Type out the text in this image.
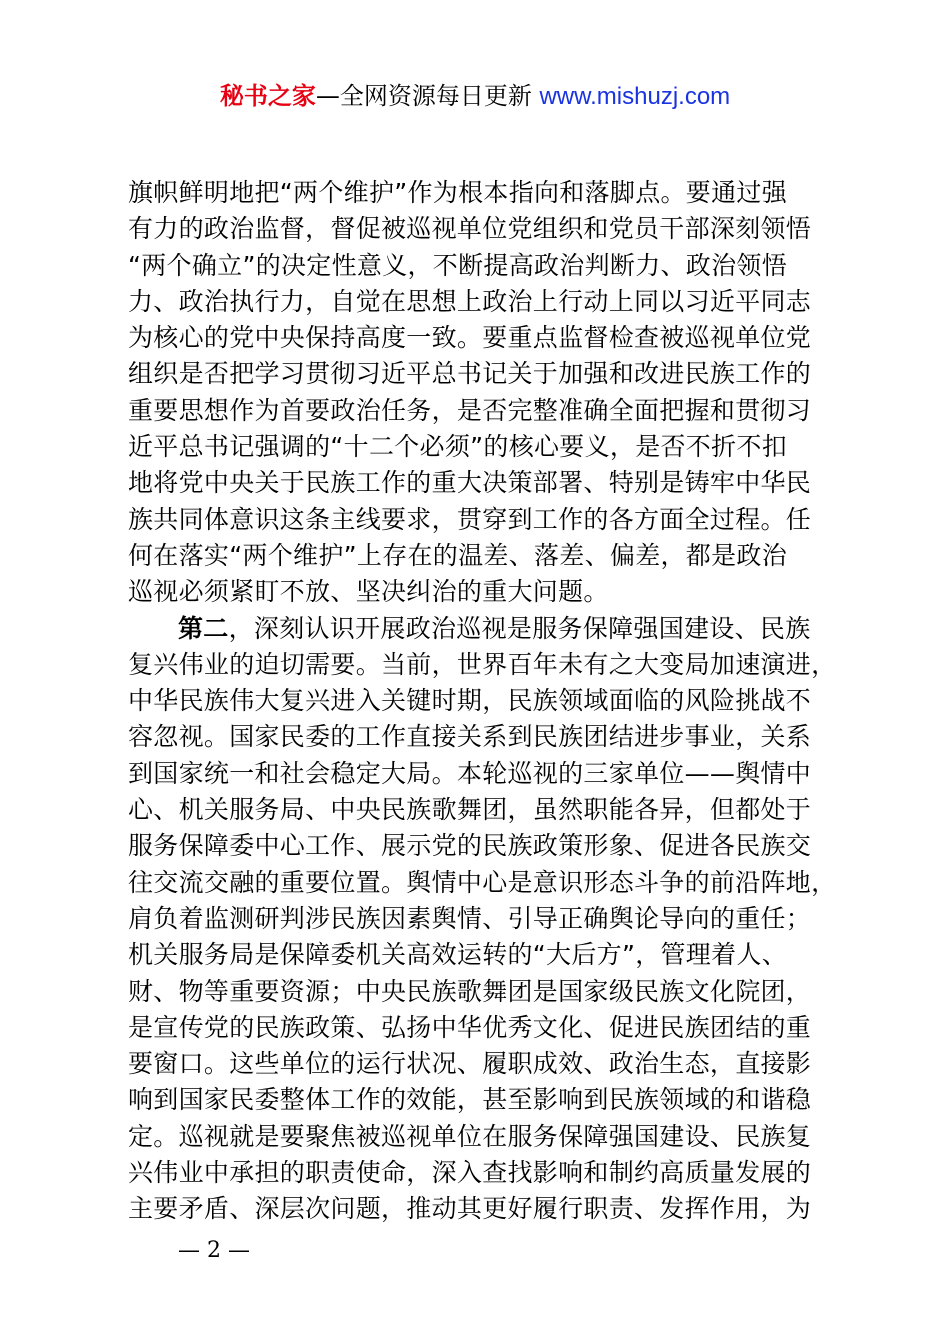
秘书之家—全网资源每日更新 www.mishuzj.com
旗帜鲜明地把“两个维护”作为根本指向和落脚点。要通过强
有力的政治监督，督促被巡视单位党组织和党员干部深刻领悟
“两个确立”的决定性意义，不断提高政治判断力、政治领悟
力、政治执行力，自觉在思想上政治上行动上同以习近平同志
为核心的党中央保持高度一致。要重点监督检查被巡视单位党
组织是否把学习贯彻习近平总书记关于加强和改进民族工作的
重要思想作为首要政治任务，是否完整准确全面把握和贯彻习
近平总书记强调的“十二个必须”的核心要义，是否不折不扣
地将党中央关于民族工作的重大决策部署、特别是铸牢中华民
族共同体意识这条主线要求，贯穿到工作的各方面全过程。任
何在落实“两个维护”上存在的温差、落差、偏差，都是政治
巡视必须紧盯不放、坚决纠治的重大问题。
第二，深刻认识开展政治巡视是服务保障强国建设、民族
复兴伟业的迫切需要。当前，世界百年未有之大变局加速演进，
中华民族伟大复兴进入关键时期，民族领域面临的风险挑战不
容忽视。国家民委的工作直接关系到民族团结进步事业，关系
到国家统一和社会稳定大局。本轮巡视的三家单位——舆情中
心、机关服务局、中央民族歌舞团，虽然职能各异，但都处于
服务保障委中心工作、展示党的民族政策形象、促进各民族交
往交流交融的重要位置。舆情中心是意识形态斗争的前沿阵地，
肩负着监测研判涉民族因素舆情、引导正确舆论导向的重任；
机关服务局是保障委机关高效运转的“大后方”，管理着人、
财、物等重要资源；中央民族歌舞团是国家级民族文化院团，
是宣传党的民族政策、弘扬中华优秀文化、促进民族团结的重
要窗口。这些单位的运行状况、履职成效、政治生态，直接影
响到国家民委整体工作的效能，甚至影响到民族领域的和谐稳
定。巡视就是要聚焦被巡视单位在服务保障强国建设、民族复
兴伟业中承担的职责使命，深入查找影响和制约高质量发展的
主要矛盾、深层次问题，推动其更好履行职责、发挥作用，为
— 2 —
